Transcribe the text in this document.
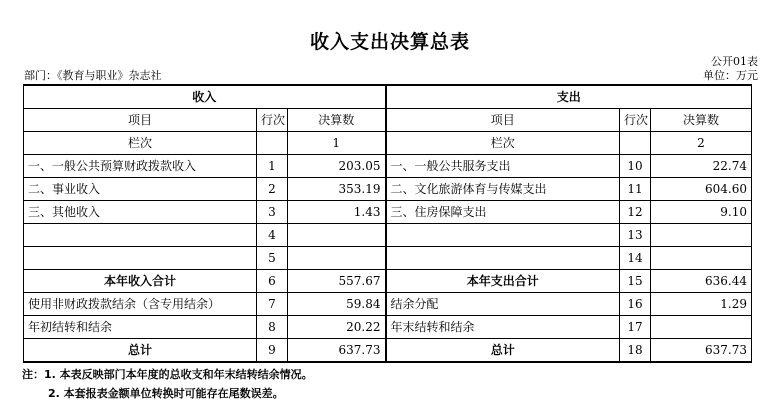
收入支出决算总表
公开01表
部门：《教育与职业》杂志社	单位：万元
收入			支出		
项目	行次	决算数	项目	行次	决算数
栏次		1	栏次		2
一、一般公共预算财政拨款收入	1	203.05	一、一般公共服务支出	10	22.74
二、事业收入	2	353.19	二、文化旅游体育与传媒支出	11	604.60
三、其他收入	3	1.43	三、住房保障支出	12	9.10
	4			13	
	5			14	
本年收入合计	6	557.67	本年支出合计	15	636.44
使用非财政拨款结余（含专用结余）	7	59.84	结余分配	16	1.29
年初结转和结余	8	20.22	年末结转和结余	17	
总计	9	637.73	总计	18	637.73
注：1. 本表反映部门本年度的总收支和年末结转结余情况。
2. 本套报表金额单位转换时可能存在尾数误差。
